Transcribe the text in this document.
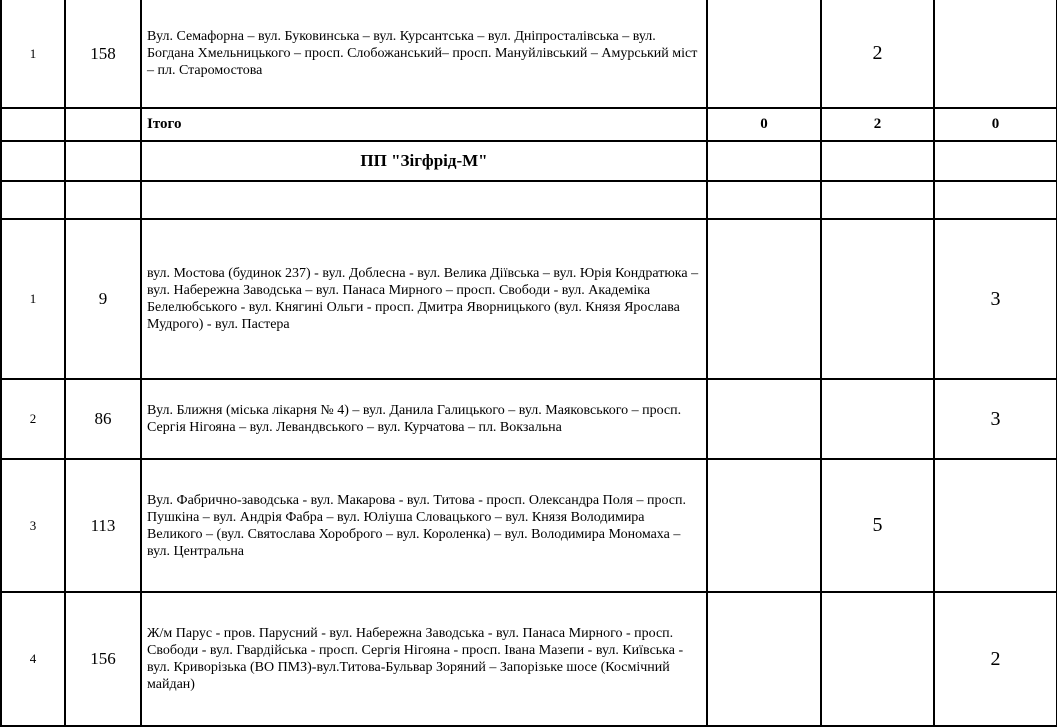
1	158	Вул. Семафорна – вул. Буковинська – вул. Курсантська – вул. Дніпросталівська – вул. Богдана Хмельницького – просп. Слобожанський– просп. Мануйлівський – Амурський міст – пл. Старомостова		2	
		Ітого	0	2	0
		ПП "Зігфрід-М"			

1	9	вул. Мостова (будинок 237) - вул. Доблесна - вул. Велика Діївська – вул. Юрія Кондратюка – вул. Набережна Заводська – вул. Панаса Мирного – просп. Свободи - вул. Академіка Белелюбського - вул. Княгині Ольги - просп. Дмитра Яворницького (вул. Князя Ярослава Мудрого) - вул. Пастера			3
2	86	Вул. Ближня (міська лікарня № 4) – вул. Данила Галицького – вул. Маяковського – просп. Сергія Нігояна – вул. Левандвського – вул. Курчатова – пл. Вокзальна			3
3	113	Вул. Фабрично-заводська - вул. Макарова - вул. Титова - просп. Олександра Поля – просп. Пушкіна – вул. Андрія Фабра – вул. Юліуша Словацького – вул. Князя Володимира Великого – (вул. Святослава Хороброго – вул. Короленка) – вул. Володимира Мономаха – вул. Центральна		5	
4	156	Ж/м Парус - пров. Парусний - вул. Набережна Заводська - вул. Панаса Мирного - просп. Свободи - вул. Гвардійська - просп. Сергія Нігояна - просп. Івана Мазепи - вул. Київська - вул. Криворізька (ВО ПМЗ)-вул.Титова-Бульвар Зоряний – Запорізьке шосе (Космічний майдан)			2
